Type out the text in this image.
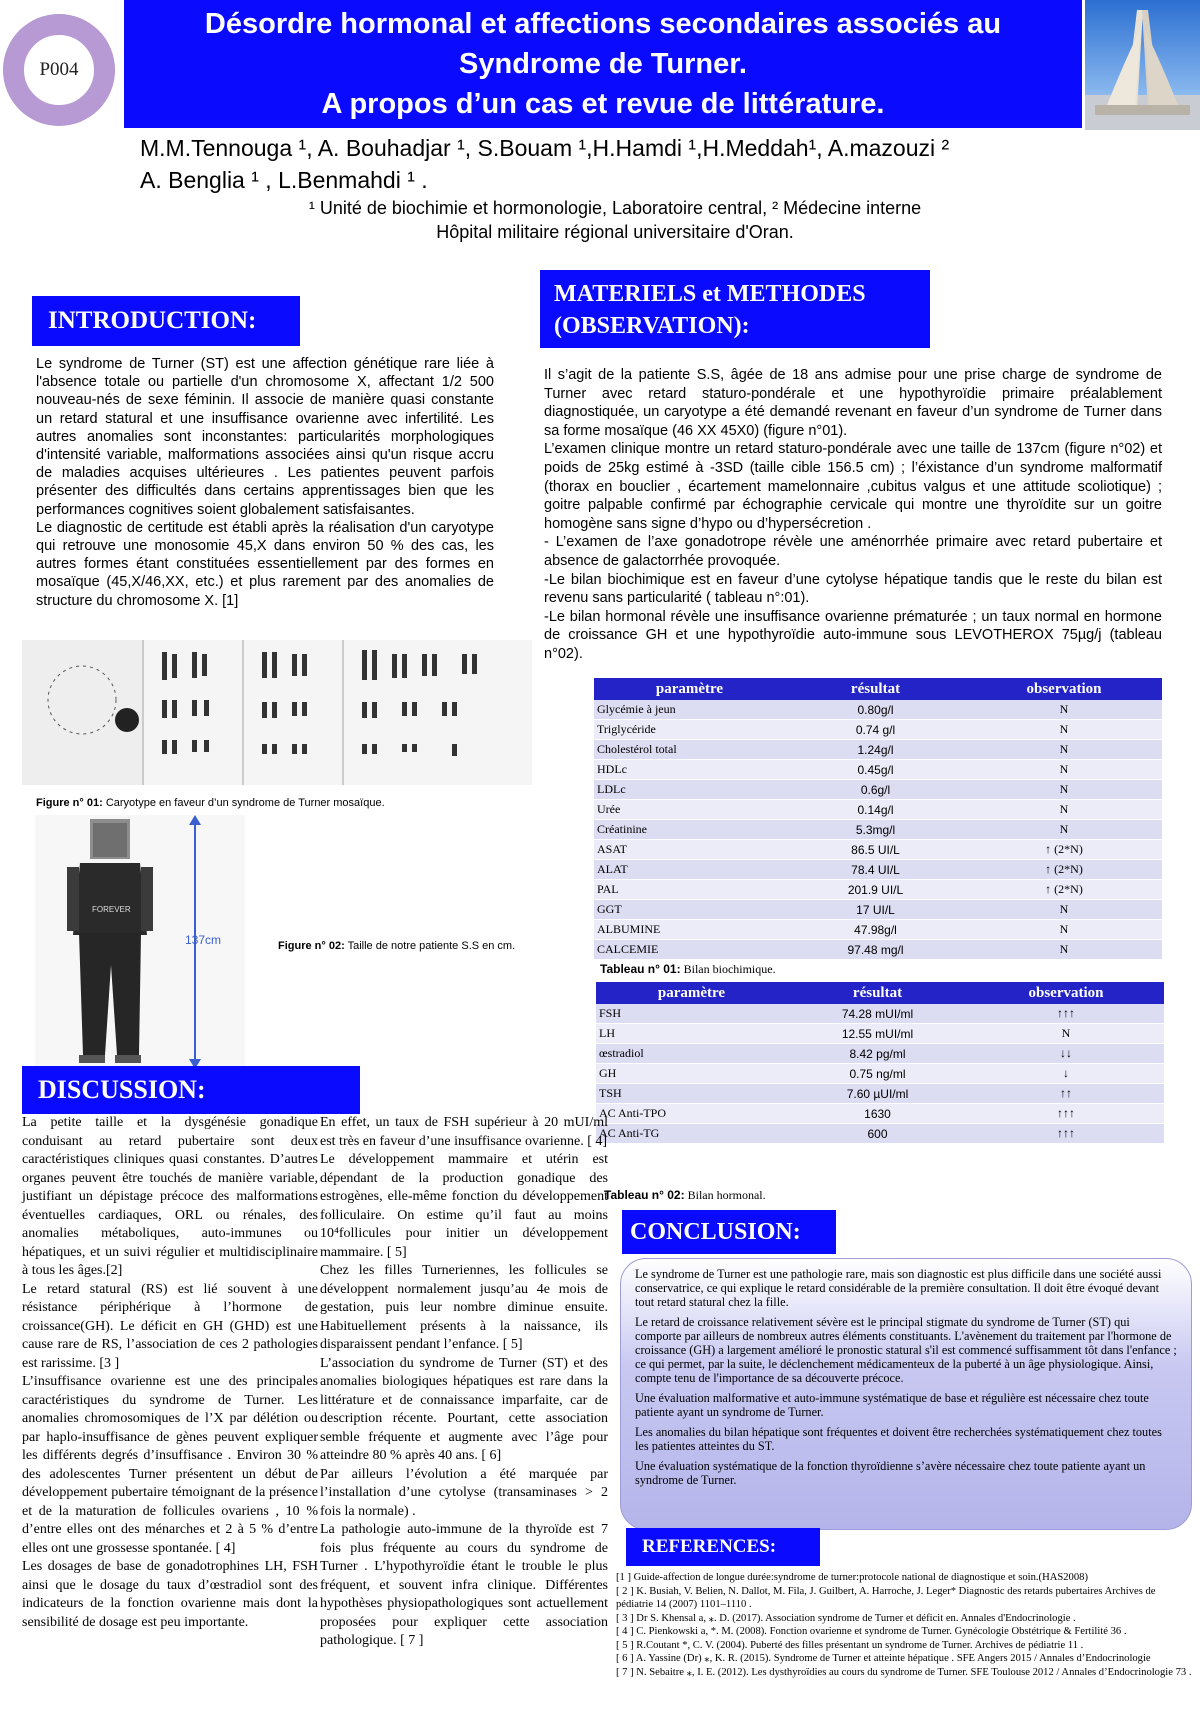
P004
Désordre hormonal et affections secondaires associés au
Syndrome de Turner.
A propos d’un cas et revue de littérature.
M.M.Tennouga ¹, A. Bouhadjar ¹, S.Bouam ¹,H.Hamdi ¹,H.Meddah¹, A.mazouzi ²
A. Benglia ¹ , L.Benmahdi ¹ .
¹ Unité de biochimie et hormonologie, Laboratoire central, ² Médecine interne
Hôpital militaire régional universitaire d'Oran.
INTRODUCTION:
Le syndrome de Turner (ST) est une affection génétique rare liée à l'absence totale ou partielle d'un chromosome X, affectant 1/2 500 nouveau-nés de sexe féminin. Il associe de manière quasi constante un retard statural et une insuffisance ovarienne avec infertilité. Les autres anomalies sont inconstantes: particularités morphologiques d'intensité variable, malformations associées ainsi qu'un risque accru de maladies acquises ultérieures . Les patientes peuvent parfois présenter des difficultés dans certains apprentissages bien que les performances cognitives soient globalement satisfaisantes.
Le diagnostic de certitude est établi après la réalisation d'un caryotype qui retrouve une monosomie 45,X dans environ 50 % des cas, les autres formes étant constituées essentiellement par des formes en mosaïque (45,X/46,XX, etc.) et plus rarement par des anomalies de structure du chromosome X. [1]
Figure n° 01: Caryotype en faveur d’un syndrome de Turner mosaïque.
FOREVER
137cm	Figure n° 02: Taille de notre patiente S.S en cm.
MATERIELS et METHODES
(OBSERVATION):
Il s’agit de la patiente S.S, âgée de 18 ans admise pour une prise charge de syndrome de Turner avec retard staturo-pondérale et une hypothyroïdie primaire préalablement diagnostiquée, un caryotype a été demandé revenant en faveur d’un syndrome de Turner dans sa forme mosaïque (46 XX 45X0) (figure n°01).
L’examen clinique montre un retard staturo-pondérale avec une taille de 137cm (figure n°02) et poids de 25kg estimé à -3SD (taille cible 156.5 cm) ; l’éxistance d’un syndrome malformatif (thorax en bouclier , écartement mamelonnaire ,cubitus valgus et une attitude scoliotique) ; goitre palpable confirmé par échographie cervicale qui montre une thyroïdite sur un goitre homogène sans signe d’hypo ou d’hypersécretion .
- L’examen de l’axe gonadotrope révèle une aménorrhée primaire avec retard pubertaire et absence de galactorrhée provoquée.
-Le bilan biochimique est en faveur d’une cytolyse hépatique tandis que le reste du bilan est revenu sans particularité ( tableau n°:01).
-Le bilan hormonal révèle une insuffisance ovarienne prématurée ; un taux normal en hormone de croissance GH et une hypothyroïdie auto-immune sous LEVOTHEROX 75µg/j (tableau n°02).
paramètre	résultat	observation
Glycémie à jeun	0.80g/l	N
Triglycéride	0.74 g/l	N
Cholestérol total	1.24g/l	N
HDLc	0.45g/l	N
LDLc	0.6g/l	N
Urée	0.14g/l	N
Créatinine	5.3mg/l	N
ASAT	86.5 UI/L	↑ (2*N)
ALAT	78.4 UI/L	↑ (2*N)
PAL	201.9 UI/L	↑ (2*N)
GGT	17 UI/L	N
ALBUMINE	47.98g/l	N
CALCEMIE	97.48 mg/l	N
Tableau n° 01: Bilan biochimique.
paramètre	résultat	observation
FSH	74.28 mUI/ml	↑↑↑
LH	12.55 mUI/ml	N
œstradiol	8.42 pg/ml	↓↓
GH	0.75 ng/ml	↓
TSH	7.60 µUI/ml	↑↑
AC Anti-TPO	1630	↑↑↑
AC Anti-TG	600	↑↑↑
Tableau n° 02: Bilan hormonal.
DISCUSSION:
La petite taille et la dysgénésie gonadique conduisant au retard pubertaire sont deux caractéristiques cliniques quasi constantes. D’autres organes peuvent être touchés de manière variable, justifiant un dépistage précoce des malformations éventuelles cardiaques, ORL ou rénales, des anomalies métaboliques, auto-immunes ou hépatiques, et un suivi régulier et multidisciplinaire à tous les âges.[2]
Le retard statural (RS) est lié souvent à une résistance périphérique à l’hormone de croissance(GH). Le déficit en GH (GHD) est une cause rare de RS, l’association de ces 2 pathologies est rarissime. [3 ]
L’insuffisance ovarienne est une des principales caractéristiques du syndrome de Turner. Les anomalies chromosomiques de l’X par délétion ou par haplo-insuffisance de gènes peuvent expliquer les différents degrés d’insuffisance . Environ 30 % des adolescentes Turner présentent un début de développement pubertaire témoignant de la présence et de la maturation de follicules ovariens , 10 % d’entre elles ont des ménarches et 2 à 5 % d’entre elles ont une grossesse spontanée. [ 4]
Les dosages de base de gonadotrophines LH, FSH ainsi que le dosage du taux d’œstradiol sont des indicateurs de la fonction ovarienne mais dont la sensibilité de dosage est peu importante.
En effet, un taux de FSH supérieur à 20 mUI/ml est très en faveur d’une insuffisance ovarienne. [ 4]
Le développement mammaire et utérin est dépendant de la production gonadique des estrogènes, elle-même fonction du développement folliculaire. On estime qu’il faut au moins 10⁴follicules pour initier un développement mammaire. [ 5]
Chez les filles Turneriennes, les follicules se développent normalement jusqu’au 4e mois de gestation, puis leur nombre diminue ensuite. Habituellement présents à la naissance, ils disparaissent pendant l’enfance. [ 5]
L’association du syndrome de Turner (ST) et des anomalies biologiques hépatiques est rare dans la littérature et de connaissance imparfaite, car de description récente. Pourtant, cette association semble fréquente et augmente avec l’âge pour atteindre 80 % après 40 ans. [ 6]
Par ailleurs l’évolution a été marquée par l’installation d’une cytolyse (transaminases > 2 fois la normale) .
La pathologie auto-immune de la thyroïde est 7 fois plus fréquente au cours du syndrome de Turner . L’hypothyroïdie étant le trouble le plus fréquent, et souvent infra clinique. Différentes hypothèses physiopathologiques sont actuellement proposées pour expliquer cette association pathologique. [ 7 ]
CONCLUSION:

Le syndrome de Turner est une pathologie rare, mais son diagnostic est plus difficile dans une société aussi conservatrice, ce qui explique le retard considérable de la première consultation. Il doit être évoqué devant tout retard statural chez la fille.

Le retard de croissance relativement sévère est le principal stigmate du syndrome de Turner (ST) qui comporte par ailleurs de nombreux autres éléments constituants. L'avènement du traitement par l'hormone de croissance (GH) a largement amélioré le pronostic statural s'il est commencé suffisamment tôt dans l'enfance ; ce qui permet, par la suite, le déclenchement médicamenteux de la puberté à un âge physiologique. Ainsi, compte tenu de l'importance de sa découverte précoce.

Une évaluation malformative et auto-immune systématique de base et régulière est nécessaire chez toute patiente ayant un syndrome de Turner.

Les anomalies du bilan hépatique sont fréquentes et doivent être recherchées systématiquement chez toutes les patientes atteintes du ST.

Une évaluation systématique de la fonction thyroïdienne s’avère nécessaire chez toute patiente ayant un syndrome de Turner.

REFERENCES:

[1 ] Guide-affection de longue durée:syndrome de turner:protocole national de diagnostique et soin.(HAS2008)

[ 2 ] K. Busiah, V. Belien, N. Dallot, M. Fila, J. Guilbert, A. Harroche, J. Leger* Diagnostic des retards pubertaires Archives de pédiatrie 14 (2007) 1101–1110 .

[ 3 ] Dr S. Khensal a, ⁎. D. (2017). Association syndrome de Turner et déficit en. Annales d'Endocrinologie .

[ 4 ] C. Pienkowski a, *. M. (2008). Fonction ovarienne et syndrome de Turner. Gynécologie Obstétrique & Fertilité 36 .

[ 5 ] R.Coutant *, C. V. (2004). Puberté des filles présentant un syndrome de Turner. Archives de pédiatrie 11 .

[ 6 ] A. Yassine (Dr) ⁎, K. R. (2015). Syndrome de Turner et atteinte hépatique . SFE Angers 2015 / Annales d’Endocrinologie

[ 7 ] N. Sebaitre ⁎, I. E. (2012). Les dysthyroïdies au cours du syndrome de Turner. SFE Toulouse 2012 / Annales d’Endocrinologie 73 .
